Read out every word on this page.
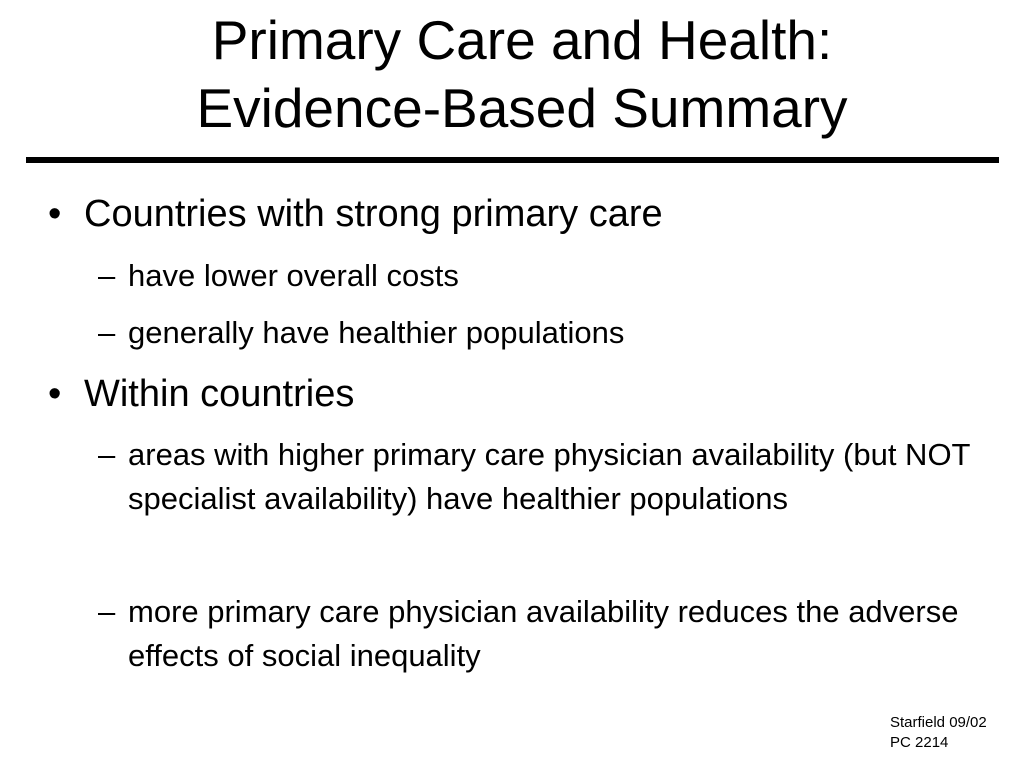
Primary Care and Health:
Evidence-Based Summary
• Countries with strong primary care
– have lower overall costs
– generally have healthier populations
• Within countries
– areas with higher primary care physician availability (but NOT specialist availability) have healthier populations
– more primary care physician availability reduces the adverse effects of social inequality
Starfield 09/02
PC 2214
